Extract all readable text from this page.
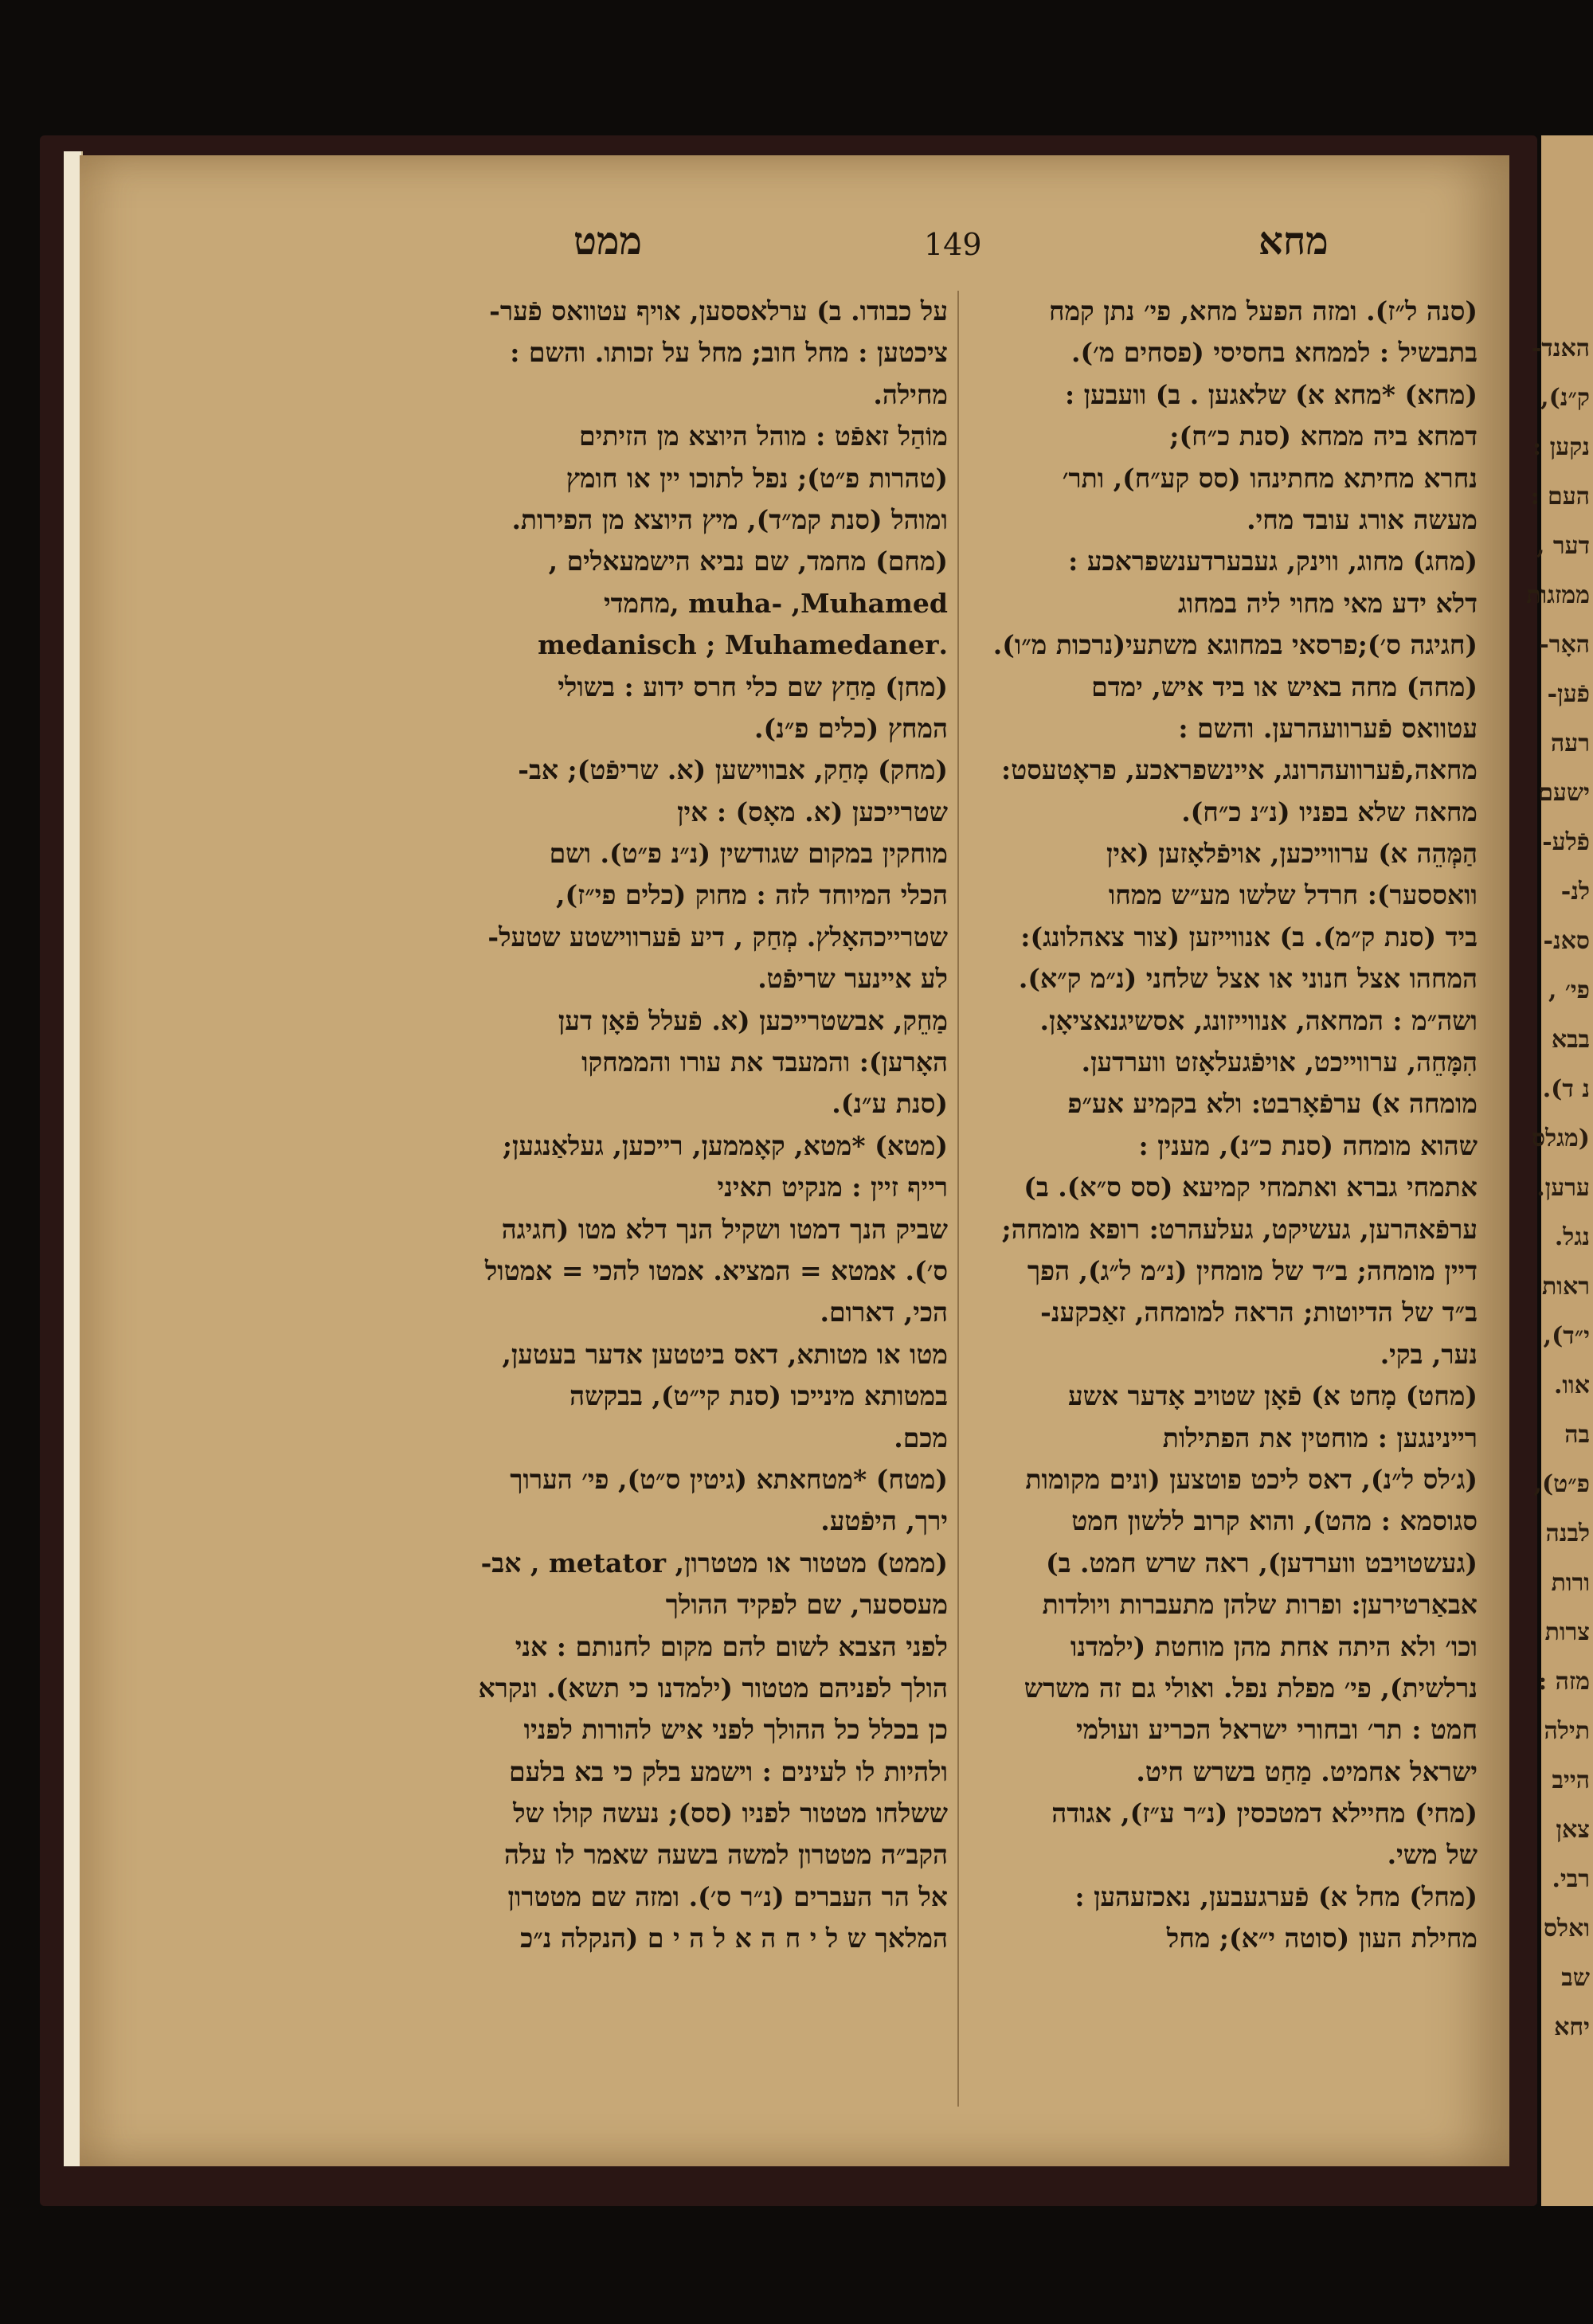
ממט	149	מחא
(סנה ל״ז). ומזה הפעל מחא, פי׳ נתן קמח
בתבשיל : לממחא בחסיסי (פסחים מ׳).
(מחא) *מחא א) שלאגען . ב) וועבען :
דמחא ביה ממחא (סנת כ״ח);
נחרא מחיתא מחתינהו (סס קע״ח), ותר׳
מעשה אורג עובד מחי.
(מחג) מחוג, ווינק, געבערדענשפראכע :
דלא ידע מאי מחוי ליה במחוג
(חגיגה ס׳);פרסאי במחוגא משתעי(נרכות מ״ו).
(מחה) מחה באיש או ביד איש, ימדם
עטוואס פֿערוועהרען. והשם :
מחאה,פֿערוועהרונג, איינשפראכע, פראָטעסט:
מחאה שלא בפניו (נ״נ כ״ח).
הַמְּהֵה א) ערווייכען, אויפֿלאָזען (אין
וואססער): חרדל שלשו מע״ש ממחו
ביד (סנת ק״מ). ב) אנווייזען (צור צאהלונג):
המחהו אצל חנוני או אצל שלחני (נ״מ ק״א).
ושה״מ : המחאה, אנווייזונג, אסשיגנאציאָן.
הִמָּחֵה, ערווייכט, אויפֿגעלאָזט ווערדען.
מומחה א) ערפֿאָרבט: ולא בקמיע אע״פ
שהוא מומחה (סנת כ״נ), מענין :
אתמחי גברא ואתמחי קמיעא (סס ס״א). ב)
ערפֿאהרען, געשיקט, געלעהרט: רופא מומחה;
דיין מומחה; ב״ד של מומחין (נ״מ ל״ג), הפך
ב״ד של הדיוטות; הראה למומחה, זאַכקענ-
נער, בקי.
(מחט) מָחט א) פֿאָן שטויב אָדער אשע
ריינינגען : מוחטין את הפתילות
(ג׳לס ל״נ), דאס ליכט פוטצען (ונים מקומות
סגוסמא : מהט), והוא קרוב ללשון חמט
(געשטויבט ווערדען), ראה שרש חמט. ב)
אבאַרטירען: ופרות שלהן מתעברות ויולדות
וכו׳ ולא היתה אחת מהן מוחטת (ילמדנו
נרלשית), פי׳ מפלת נפל. ואולי גם זה משרש
חמט : תר׳ ובחורי ישראל הכריע ועולמי
ישראל אחמיט. מַחַט בשרש חיט.
(מחי) מחיילא דמטכסין (נ״ר ע״ז), אגודה
של משי.
(מחל) מחל א) פֿערגעבען, נאכזעהען :
מחילת העון (סוטה י״א); מחל
על כבודו. ב) ערלאססען, אויף עטוואס פֿער-
ציכטען : מחל חוב; מחל על זכותו. והשם :
מחילה.
מוֹהַל זאפֿט : מוהל היוצא מן הזיתים
(טהרות פ״ט); נפל לתוכו יין או חומץ
ומוהל (סנת קמ״ד), מיץ היוצא מן הפירות.
(מחם) מחמד, שם נביא הישמעאלים ,
muha- ,Muhamed ,מחמדי
.medanisch ; Muhamedaner
(מחן) מַחַץ שם כלי חרס ידוע : בשולי
המחץ (כלים פ״נ).
(מחק) מָחַק, אבווישען (א. שריפֿט); אב-
שטרייכען (א. מאָס) : אין
מוחקין במקום שגודשין (נ״נ פ״ט). ושם
הכלי המיוחד לזה : מחוק (כלים פי״ז),
שטרייכהאָלץ. מְחַק , דיע פֿערווישטע שטעל-
לע איינער שריפֿט.
מַחֵק, אבשטרייכען (א. פֿעלל פֿאָן דען
האָרען): והמעבד את עורו והממחקו
(סנת ע״נ).
(מטא) *מטא, קאָממען, רייכען, געלאַנגען;
רייף זיין : מנקיט תאיני
שביק הנך דמטו ושקיל הנך דלא מטו (חגיגה
ס׳). אמטא = המציא. אמטו להכי = אמטול
הכי, דארום.
מטו או מטותא, דאס ביטטען אדער בעטען,
במטותא מינייכו (סנת קי״ט), בבקשה
מכם.
(מטח) *מטחאתא (גיטין ס״ט), פי׳ הערוך
ירך, היפֿטע.
(ממט) מטטור או מטטרון, metator , אב-
מעססער, שם לפקיד ההולך
לפני הצבא לשום להם מקום לחנותם : אני
הולך לפניהם מטטור (ילמדנו כי תשא). ונקרא
כן בכלל כל ההולך לפני איש להורות לפניו
ולהיות לו לעינים : וישמע בלק כי בא בלעם
ששלחו מטטור לפניו (סס); נעשה קולו של
הקב״ה מטטרון למשה בשעה שאמר לו עלה
אל הר העברים (נ״ר ס׳). ומזה שם מטטרון
המלאך ש ל י ח ה א ל ה י ם (הנקלה נ״כ
האנד-
ק״נ),
נקען :
העם :
דער ,
ממזגות
האָר-
פֿען-
רעה
ישעם
פֿלע-
לנ-
סאנ-
פי׳ ,
בבא
נ ד).
(מגלס
ערען.
נגל.
ראות
י״ד),
אוו.
בה
פ״ט),
לבנה
ורות
צרות
מזה :
תילה
הייב
צאן
רבי.
ואלס
שב
יחא
